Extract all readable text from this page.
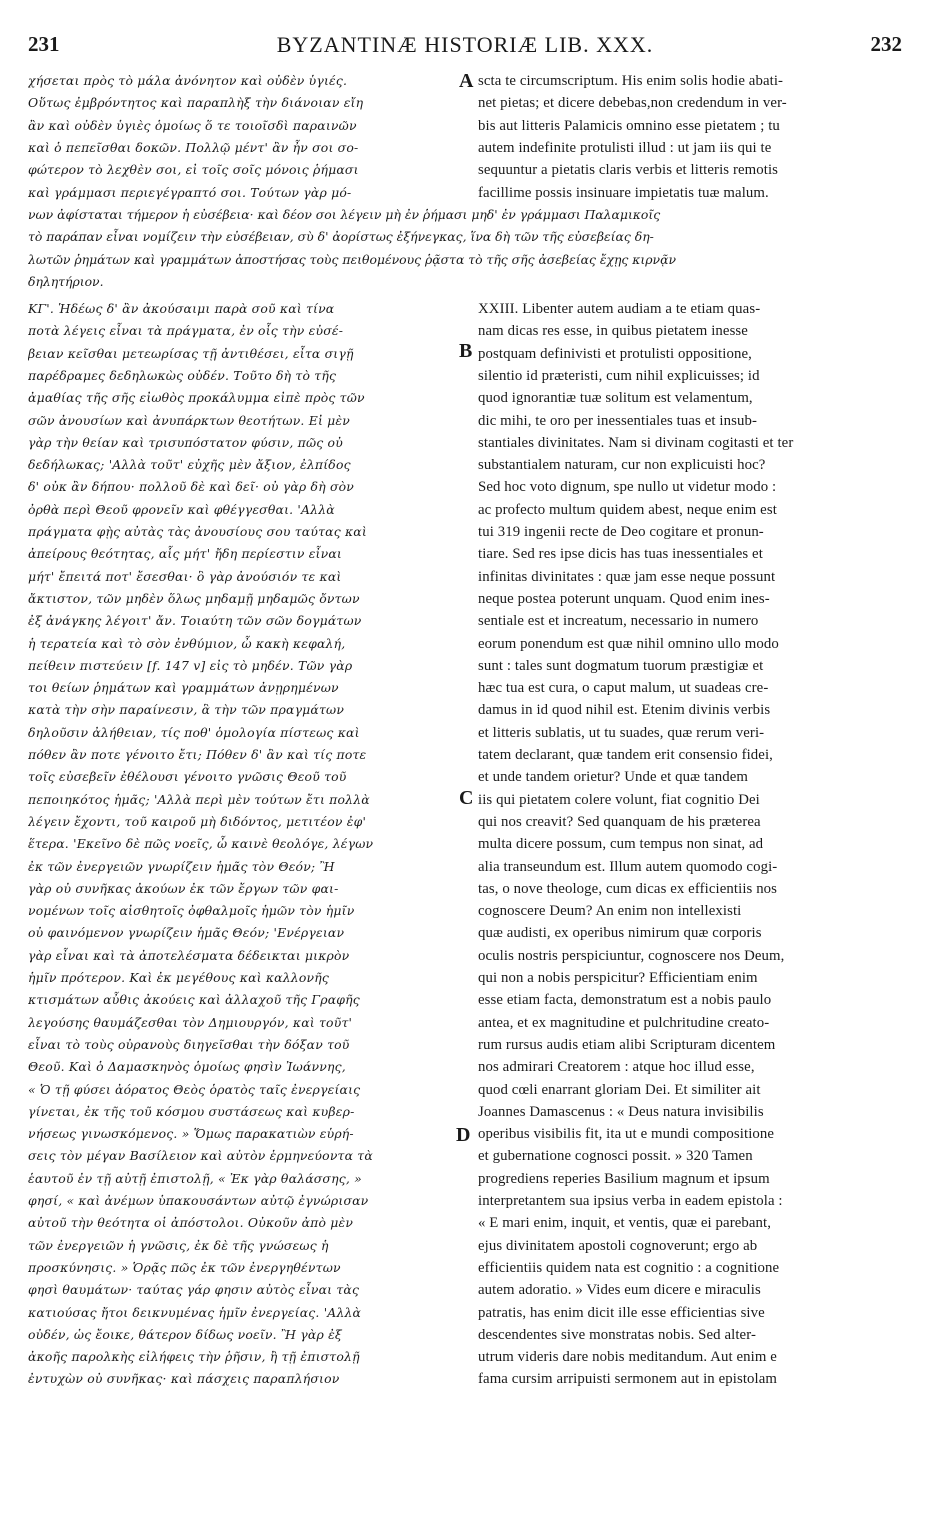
231	BYZANTINÆ HISTORIÆ LIB. XXX.	232
χήσεται πρὸς τὸ μάλα ἀνόνητον καὶ οὐδὲν ὑγιές.
Οὕτως ἐμβρόντητος καὶ παραπλὴξ τὴν διάνοιαν εἴη
ἂν καὶ οὐδὲν ὑγιὲς ὁμοίως ὅ τε τοιοῖσδὶ παραινῶν
καὶ ὁ πεπεῖσθαι δοκῶν. Πολλῷ μέντ' ἂν ἦν σοι σο-
φώτερον τὸ λεχθὲν σοι, εἰ τοῖς σοῖς μόνοις ῥήμασι
καὶ γράμμασι περιεγέγραπτό σοι. Τούτων γὰρ μό-
scta te circumscriptum. His enim solis hodie abati-
net pietas; et dicere debebas,non credendum in ver-
bis aut litteris Palamicis omnino esse pietatem ; tu
autem indefinite protulisti illud : ut jam iis qui te
sequuntur a pietatis claris verbis et litteris remotis
facillime possis insinuare impietatis tuæ malum.
νων ἀφίσταται τήμερον ἡ εὐσέβεια· καὶ δέον σοι λέγειν μὴ ἐν ῥήμασι μηδ' ἐν γράμμασι Παλαμικοῖς
τὸ παράπαν εἶναι νομίζειν τὴν εὐσέβειαν, σὺ δ' ἀορίστως ἐξήνεγκας, ἵνα δὴ τῶν τῆς εὐσεβείας δη-
λωτῶν ῥημάτων καὶ γραμμάτων ἀποστήσας τοὺς πειθομένους ῥᾷστα τὸ τῆς σῆς ἀσεβείας ἔχῃς κιρνᾷν
δηλητήριον.
ΚΓ'. Ἡδέως δ' ἂν ἀκούσαιμι παρὰ σοῦ καὶ τίνα
ποτὰ λέγεις εἶναι τὰ πράγματα, ἐν οἷς τὴν εὐσέ-
βειαν κεῖσθαι μετεωρίσας τῇ ἀντιθέσει, εἶτα σιγῇ
παρέδραμες δεδηλωκὼς οὐδέν. Τοῦτο δὴ τὸ τῆς
ἀμαθίας τῆς σῆς εἰωθὸς προκάλυμμα εἰπὲ πρὸς τῶν
σῶν ἀνουσίων καὶ ἀνυπάρκτων θεοτήτων. Εἰ μὲν
γὰρ τὴν θείαν καὶ τρισυπόστατον φύσιν, πῶς οὐ
δεδήλωκας; 'Αλλὰ τοῦτ' εὐχῆς μὲν ἄξιον, ἐλπίδος
δ' οὐκ ἂν δήπου· πολλοῦ δὲ καὶ δεῖ· οὐ γὰρ δὴ σὸν
ὀρθὰ περὶ Θεοῦ φρονεῖν καὶ φθέγγεσθαι. 'Αλλὰ
πράγματα φῂς αὐτὰς τὰς ἀνουσίους σου ταύτας καὶ
ἀπείρους θεότητας, αἷς μήτ' ἤδη περίεστιν εἶναι
μήτ' ἔπειτά ποτ' ἔσεσθαι· ὃ γὰρ ἀνούσιόν τε καὶ
ἄκτιστον, τῶν μηδὲν ὅλως μηδαμῇ μηδαμῶς ὄντων
ἐξ ἀνάγκης λέγοιτ' ἄν. Τοιαύτη τῶν σῶν δογμάτων
ἡ τερατεία καὶ τὸ σὸν ἐνθύμιον, ὦ κακὴ κεφαλή,
πείθειν πιστεύειν [f. 147 v] εἰς τὸ μηδέν. Τῶν γὰρ
τοι θείων ῥημάτων καὶ γραμμάτων ἀνῃρημένων
κατὰ τὴν σὴν παραίνεσιν, ἃ τὴν τῶν πραγμάτων
δηλοῦσιν ἀλήθειαν, τίς ποθ' ὁμολογία πίστεως καὶ
πόθεν ἂν ποτε γένοιτο ἔτι; Πόθεν δ' ἂν καὶ τίς ποτε
τοῖς εὐσεβεῖν ἐθέλουσι γένοιτο γνῶσις Θεοῦ τοῦ
πεποιηκότος ἡμᾶς; 'Αλλὰ περὶ μὲν τούτων ἔτι πολλὰ
λέγειν ἔχοντι, τοῦ καιροῦ μὴ διδόντος, μετιτέον ἐφ'
ἕτερα. 'Εκεῖνο δὲ πῶς νοεῖς, ὦ καινὲ θεολόγε, λέγων
ἐκ τῶν ἐνεργειῶν γνωρίζειν ἡμᾶς τὸν Θεόν; Ἢ
γὰρ οὐ συνῆκας ἀκούων ἐκ τῶν ἔργων τῶν φαι-
νομένων τοῖς αἰσθητοῖς ὀφθαλμοῖς ἡμῶν τὸν ἡμῖν
οὐ φαινόμενον γνωρίζειν ἡμᾶς Θεόν; 'Ενέργειαν
γὰρ εἶναι καὶ τὰ ἀποτελέσματα δέδεικται μικρὸν
ἡμῖν πρότερον. Καὶ ἐκ μεγέθους καὶ καλλονῆς
κτισμάτων αὖθις ἀκούεις καὶ ἀλλαχοῦ τῆς Γραφῆς
λεγούσης θαυμάζεσθαι τὸν Δημιουργόν, καὶ τοῦτ'
εἶναι τὸ τοὺς οὐρανοὺς διηγεῖσθαι τὴν δόξαν τοῦ
Θεοῦ. Καὶ ὁ Δαμασκηνὸς ὁμοίως φησὶν Ἰωάννης,
« Ὁ τῇ φύσει ἀόρατος Θεὸς ὁρατὸς ταῖς ἐνεργείαις
γίνεται, ἐκ τῆς τοῦ κόσμου συστάσεως καὶ κυβερ-
νήσεως γινωσκόμενος. » Ὅμως παρακατιὼν εὑρή-
σεις τὸν μέγαν Βασίλειον καὶ αὐτὸν ἑρμηνεύοντα τὰ
ἑαυτοῦ ἐν τῇ αὐτῇ ἐπιστολῇ, « Ἐκ γὰρ θαλάσσης, »
φησί, « καὶ ἀνέμων ὑπακουσάντων αὐτῷ ἐγνώρισαν
αὐτοῦ τὴν θεότητα οἱ ἀπόστολοι. Οὐκοῦν ἀπὸ μὲν
τῶν ἐνεργειῶν ἡ γνῶσις, ἐκ δὲ τῆς γνώσεως ἡ
προσκύνησις. » Ὁρᾷς πῶς ἐκ τῶν ἐνεργηθέντων
φησὶ θαυμάτων· ταύτας γάρ φησιν αὐτὸς εἶναι τὰς
κατιούσας ἤτοι δεικνυμένας ἡμῖν ἐνεργείας. 'Αλλὰ
οὐδέν, ὡς ἔοικε, θάτερον δίδως νοεῖν. Ἢ γὰρ ἐξ
ἀκοῆς παρολκὴς εἰλήφεις τὴν ῥῆσιν, ἢ τῇ ἐπιστολῇ
ἐντυχὼν οὐ συνῆκας· καὶ πάσχεις παραπλήσιον
XXIII. Libenter autem audiam a te etiam quas-
nam dicas res esse, in quibus pietatem inesse
postquam definivisti et protulisti oppositione,
silentio id præteristi, cum nihil explicuisses; id
quod ignorantiæ tuæ solitum est velamentum,
dic mihi, te oro per inessentiales tuas et insub-
stantiales divinitates. Nam si divinam cogitasti et ter
substantialem naturam, cur non explicuisti hoc?
Sed hoc voto dignum, spe nullo ut videtur modo :
ac profecto multum quidem abest, neque enim est
tui 319 ingenii recte de Deo cogitare et pronun-
tiare. Sed res ipse dicis has tuas inessentiales et
infinitas divinitates : quæ jam esse neque possunt
neque postea poterunt unquam. Quod enim ines-
sentiale est et increatum, necessario in numero
eorum ponendum est quæ nihil omnino ullo modo
sunt : tales sunt dogmatum tuorum præstigiæ et
hæc tua est cura, o caput malum, ut suadeas cre-
damus in id quod nihil est. Etenim divinis verbis
et litteris sublatis, ut tu suades, quæ rerum veri-
tatem declarant, quæ tandem erit consensio fidei,
et unde tandem orietur? Unde et quæ tandem
iis qui pietatem colere volunt, fiat cognitio Dei
qui nos creavit? Sed quanquam de his præterea
multa dicere possum, cum tempus non sinat, ad
alia transeundum est. Illum autem quomodo cogi-
tas, o nove theologe, cum dicas ex efficientiis nos
cognoscere Deum? An enim non intellexisti
quæ audisti, ex operibus nimirum quæ corporis
oculis nostris perspiciuntur, cognoscere nos Deum,
qui non a nobis perspicitur? Efficientiam enim
esse etiam facta, demonstratum est a nobis paulo
antea, et ex magnitudine et pulchritudine creato-
rum rursus audis etiam alibi Scripturam dicentem
nos admirari Creatorem : atque hoc illud esse,
quod cœli enarrant gloriam Dei. Et similiter ait
Joannes Damascenus : « Deus natura invisibilis
operibus visibilis fit, ita ut e mundi compositione
et gubernatione cognosci possit. » 320 Tamen
progrediens reperies Basilium magnum et ipsum
interpretantem sua ipsius verba in eadem epistola :
« E mari enim, inquit, et ventis, quæ ei parebant,
ejus divinitatem apostoli cognoverunt; ergo ab
efficientiis quidem nata est cognitio : a cognitione
autem adoratio. » Vides eum dicere e miraculis
patratis, has enim dicit ille esse efficientias sive
descendentes sive monstratas nobis. Sed alter-
utrum videris dare nobis meditandum. Aut enim e
fama cursim arripuisti sermonem aut in epistolam
A
B
C
D
